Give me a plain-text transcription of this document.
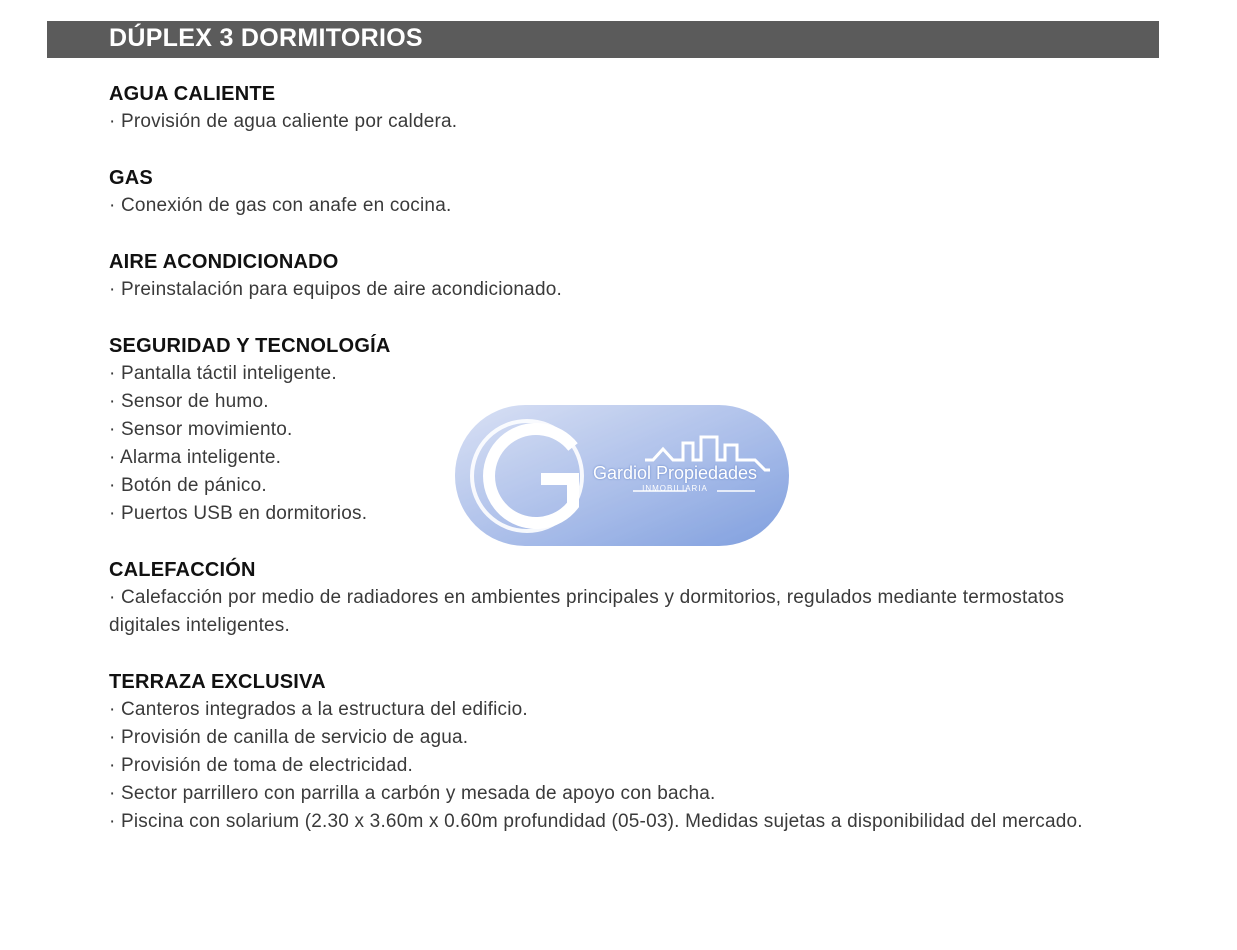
DÚPLEX 3 DORMITORIOS
AGUA CALIENTE
· Provisión de agua caliente por caldera.
GAS
· Conexión de gas con anafe en cocina.
AIRE ACONDICIONADO
· Preinstalación para equipos de aire acondicionado.
SEGURIDAD Y TECNOLOGÍA
· Pantalla táctil inteligente.
· Sensor de humo.
· Sensor movimiento.
· Alarma inteligente.
· Botón de pánico.
· Puertos USB en dormitorios.
CALEFACCIÓN
· Calefacción por medio de radiadores en ambientes principales y dormitorios, regulados mediante termostatos digitales inteligentes.
TERRAZA EXCLUSIVA
· Canteros integrados a la estructura del edificio.
· Provisión de canilla de servicio de agua.
· Provisión de toma de electricidad.
· Sector parrillero con parrilla a carbón y mesada de apoyo con bacha.
· Piscina con solarium (2.30 x 3.60m x 0.60m profundidad (05-03). Medidas sujetas a disponibilidad del mercado.
Gardiol Propiedades
INMOBILIARIA
